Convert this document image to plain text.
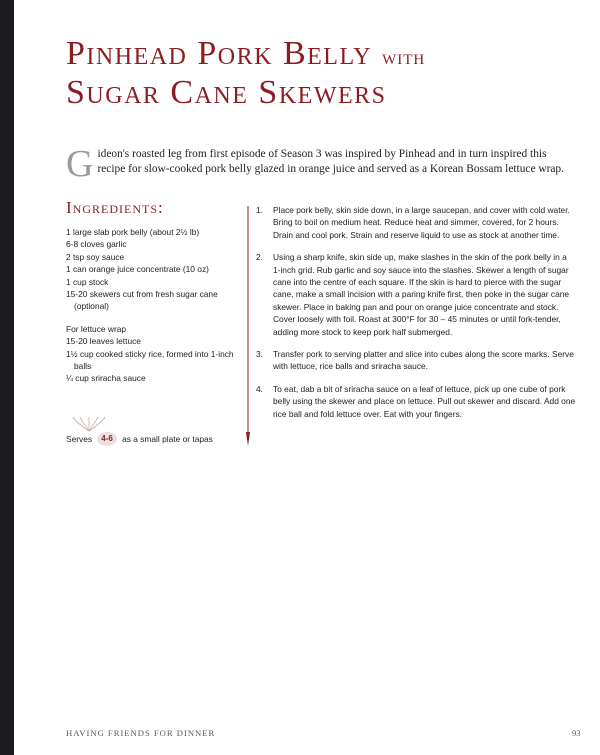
Pinhead Pork Belly with
Sugar Cane Skewers

Gideon's roasted leg from first episode of Season 3 was inspired by Pinhead and in turn inspired this recipe for slow-cooked pork belly glazed in orange juice and served as a Korean Bossam lettuce wrap.

Ingredients:
1 large slab pork belly (about 2½ lb)
6-8 cloves garlic
2 tsp soy sauce
1 can orange juice concentrate (10 oz)
1 cup stock
15-20 skewers cut from fresh sugar cane (optional)

For lettuce wrap

15-20 leaves lettuce
1½ cup cooked sticky rice, formed into 1-inch balls
¼ cup sriracha sauce
Serves	4-6	as a small plate or tapas
1.	Place pork belly, skin side down, in a large saucepan, and cover with cold water. Bring to boil on medium heat. Reduce heat and simmer, covered, for 2 hours. Drain and cool pork. Strain and reserve liquid to use as stock at another time.
2.	Using a sharp knife, skin side up, make slashes in the skin of the pork belly in a 1-inch grid. Rub garlic and soy sauce into the slashes. Skewer a length of sugar cane into the centre of each square. If the skin is hard to pierce with the sugar cane, make a small incision with a paring knife first, then poke in the sugar cane skewer. Place in baking pan and pour on orange juice concentrate and stock. Cover loosely with foil. Roast at 300°F for 30 – 45 minutes or until fork-tender, adding more stock to keep pork half submerged.
3.	Transfer pork to serving platter and slice into cubes along the score marks. Serve with lettuce, rice balls and sriracha sauce.
4.	To eat, dab a bit of sriracha sauce on a leaf of lettuce, pick up one cube of pork belly using the skewer and place on lettuce. Pull out skewer and discard. Add one rice ball and fold lettuce over. Eat with your fingers.
HAVING FRIENDS FOR DINNER	93
